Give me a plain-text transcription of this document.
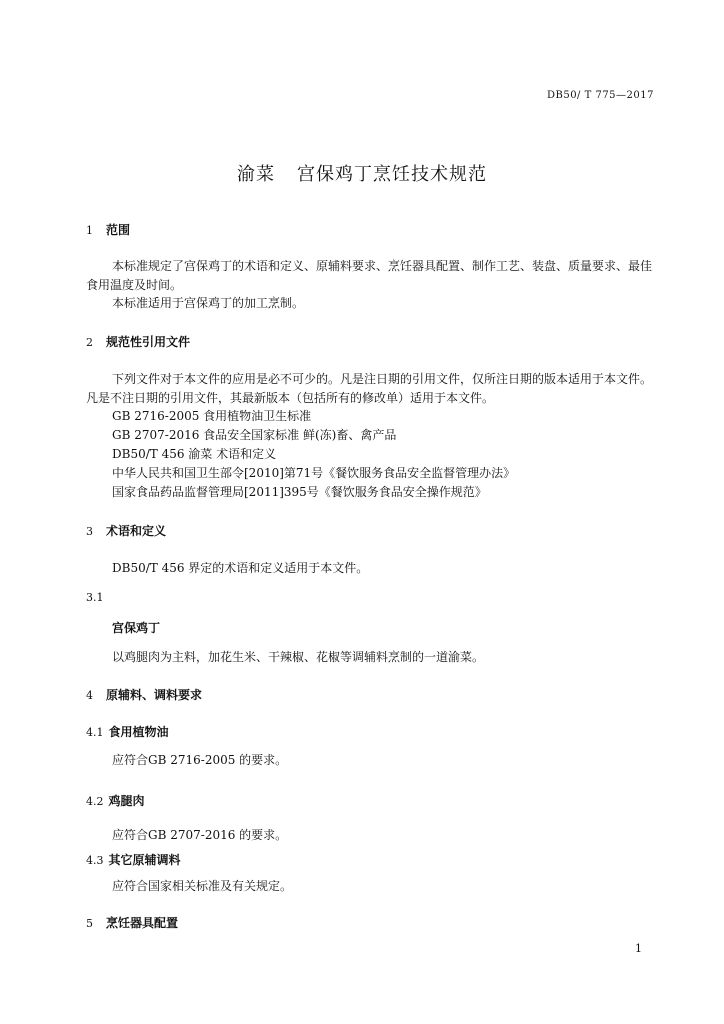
DB50/ T 775—2017
渝菜 宫保鸡丁烹饪技术规范
1 范围
本标准规定了宫保鸡丁的术语和定义、原辅料要求、烹饪器具配置、制作工艺、装盘、质量要求、最佳食用温度及时间。
本标准适用于宫保鸡丁的加工烹制。
2 规范性引用文件
下列文件对于本文件的应用是必不可少的。凡是注日期的引用文件，仅所注日期的版本适用于本文件。凡是不注日期的引用文件，其最新版本（包括所有的修改单）适用于本文件。
GB 2716-2005 食用植物油卫生标准
GB 2707-2016 食品安全国家标准 鲜(冻)畜、禽产品
DB50/T 456 渝菜 术语和定义
中华人民共和国卫生部令[2010]第71号《餐饮服务食品安全监督管理办法》
国家食品药品监督管理局[2011]395号《餐饮服务食品安全操作规范》
3 术语和定义
DB50/T 456 界定的术语和定义适用于本文件。
3.1
宫保鸡丁
以鸡腿肉为主料，加花生米、干辣椒、花椒等调辅料烹制的一道渝菜。
4 原辅料、调料要求
4.1 食用植物油
应符合GB 2716-2005 的要求。
4.2 鸡腿肉
应符合GB 2707-2016 的要求。
4.3 其它原辅调料
应符合国家相关标准及有关规定。
5 烹饪器具配置
1
